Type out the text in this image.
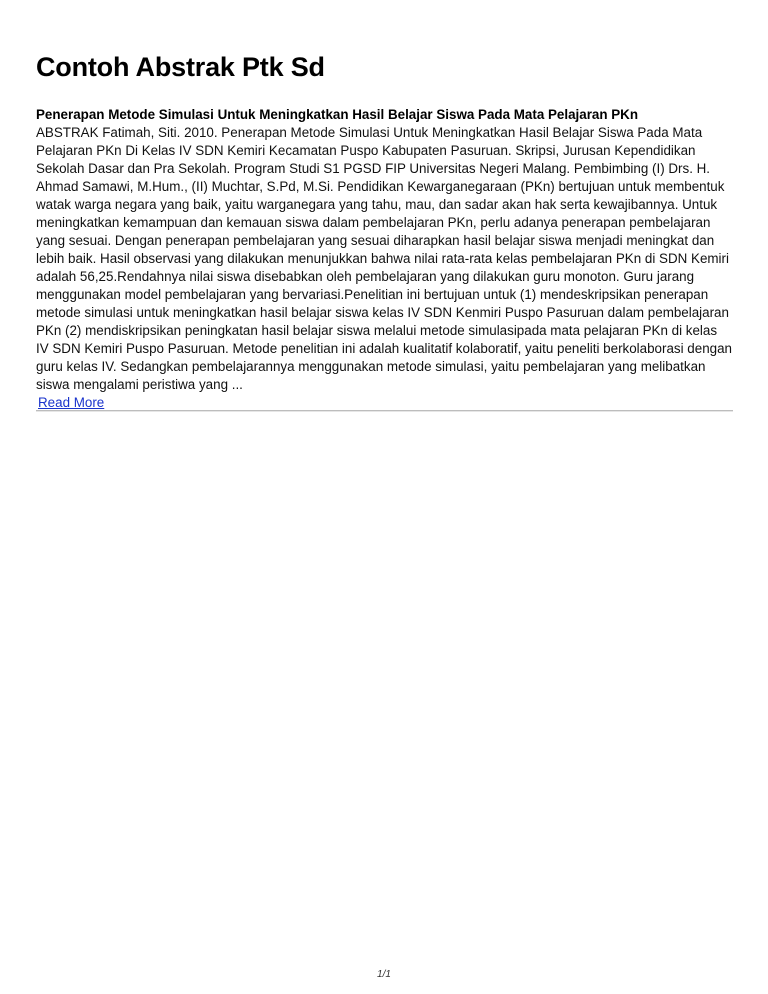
Contoh Abstrak Ptk Sd
Penerapan Metode Simulasi Untuk Meningkatkan Hasil Belajar Siswa Pada Mata Pelajaran PKn

ABSTRAK Fatimah, Siti. 2010. Penerapan Metode Simulasi Untuk Meningkatkan Hasil Belajar Siswa Pada Mata Pelajaran PKn Di Kelas IV SDN Kemiri Kecamatan Puspo Kabupaten Pasuruan. Skripsi, Jurusan Kependidikan Sekolah Dasar dan Pra Sekolah. Program Studi S1 PGSD FIP Universitas Negeri Malang. Pembimbing (I) Drs. H. Ahmad Samawi, M.Hum., (II) Muchtar, S.Pd, M.Si. Pendidikan Kewarganegaraan (PKn) bertujuan untuk membentuk watak warga negara yang baik, yaitu warganegara yang tahu, mau, dan sadar akan hak serta kewajibannya. Untuk meningkatkan kemampuan dan kemauan siswa dalam pembelajaran PKn, perlu adanya penerapan pembelajaran yang sesuai. Dengan penerapan pembelajaran yang sesuai diharapkan hasil belajar siswa menjadi meningkat dan lebih baik. Hasil observasi yang dilakukan menunjukkan bahwa nilai rata-rata kelas pembelajaran PKn di SDN Kemiri adalah 56,25.Rendahnya nilai siswa disebabkan oleh pembelajaran yang dilakukan guru monoton. Guru jarang menggunakan model pembelajaran yang bervariasi.Penelitian ini bertujuan untuk (1) mendeskripsikan penerapan metode simulasi untuk meningkatkan hasil belajar siswa kelas IV SDN Kenmiri Puspo Pasuruan dalam pembelajaran PKn (2) mendiskripsikan peningkatan hasil belajar siswa melalui metode simulasipada mata pelajaran PKn di kelas IV SDN Kemiri Puspo Pasuruan. Metode penelitian ini adalah kualitatif kolaboratif, yaitu peneliti berkolaborasi dengan guru kelas IV. Sedangkan pembelajarannya menggunakan metode simulasi, yaitu pembelajaran yang melibatkan siswa mengalami peristiwa yang ...
Read More

1/1
